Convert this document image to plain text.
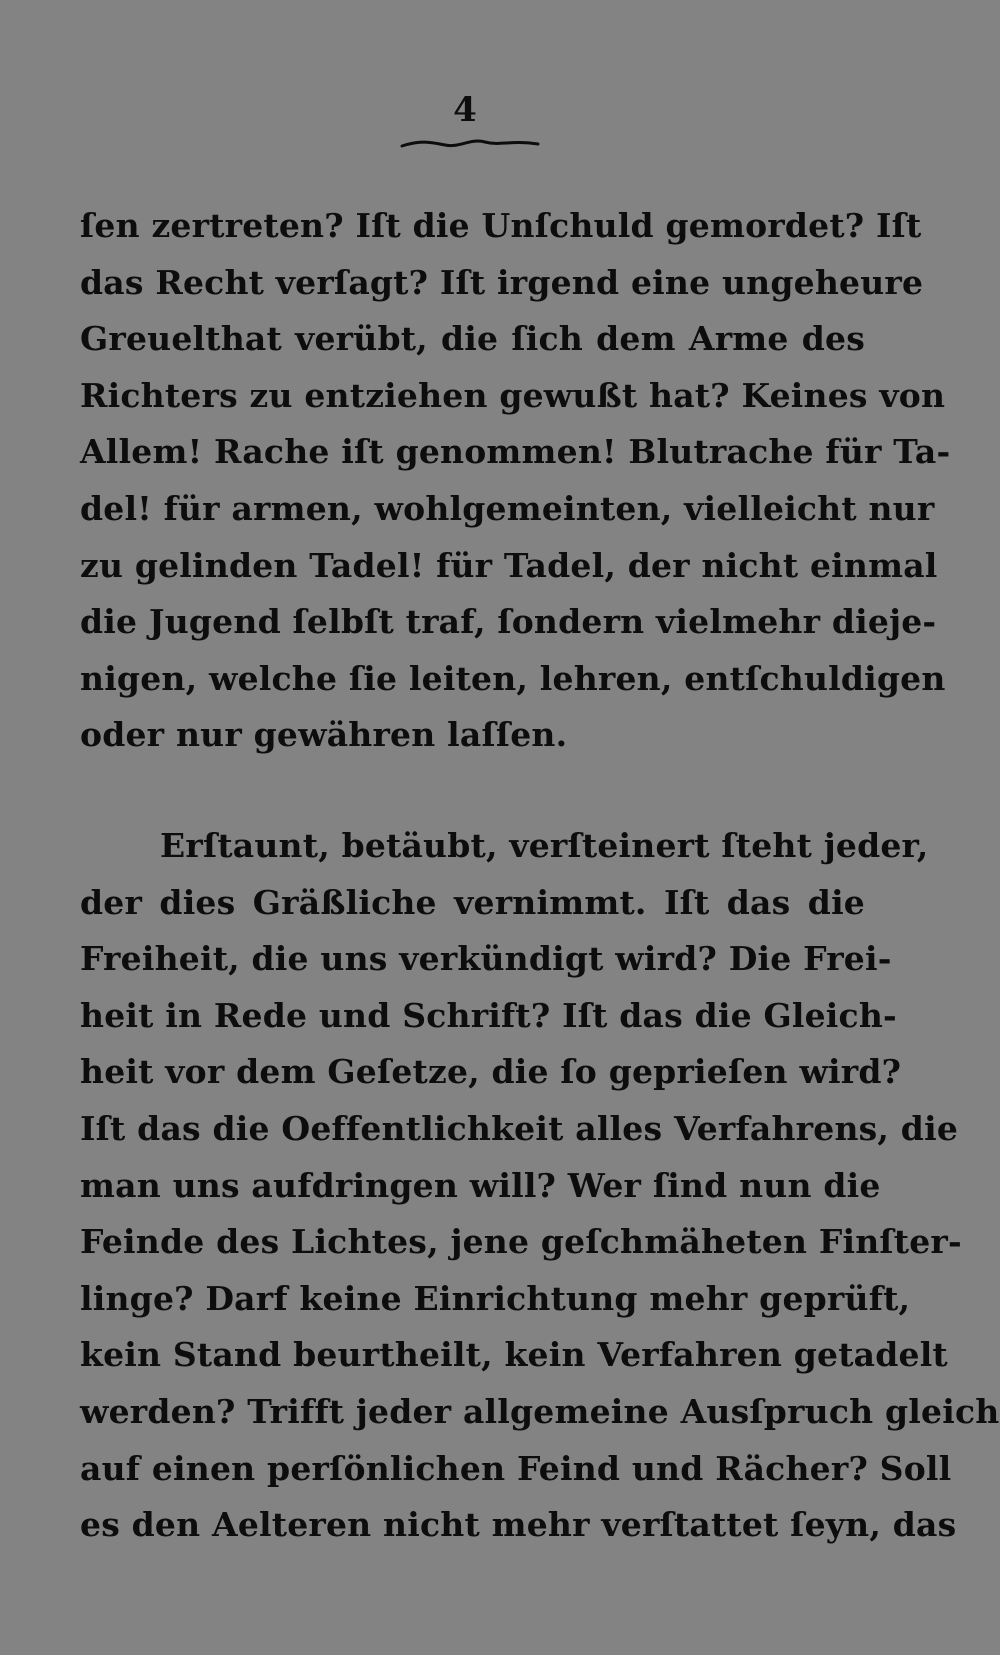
4
ſen zertreten? Iſt die Unſchuld gemordet? Iſt
das Recht verſagt? Iſt irgend eine ungeheure
Greuelthat verübt, die ſich dem Arme des
Richters zu entziehen gewußt hat? Keines von
Allem! Rache iſt genommen! Blutrache für Ta-
del! für armen, wohlgemeinten, vielleicht nur
zu gelinden Tadel! für Tadel, der nicht einmal
die Jugend ſelbſt traf, ſondern vielmehr dieje-
nigen, welche ſie leiten, lehren, entſchuldigen
oder nur gewähren laſſen.
Erſtaunt, betäubt, verſteinert ſteht jeder,
der dies Gräßliche vernimmt. Iſt das die
Freiheit, die uns verkündigt wird? Die Frei-
heit in Rede und Schrift? Iſt das die Gleich-
heit vor dem Geſetze, die ſo geprieſen wird?
Iſt das die Oeffentlichkeit alles Verfahrens, die
man uns aufdringen will? Wer ſind nun die
Feinde des Lichtes, jene geſchmäheten Finſter-
linge? Darf keine Einrichtung mehr geprüft,
kein Stand beurtheilt, kein Verfahren getadelt
werden? Trifft jeder allgemeine Ausſpruch gleich
auf einen perſönlichen Feind und Rächer? Soll
es den Aelteren nicht mehr verſtattet ſeyn, das
